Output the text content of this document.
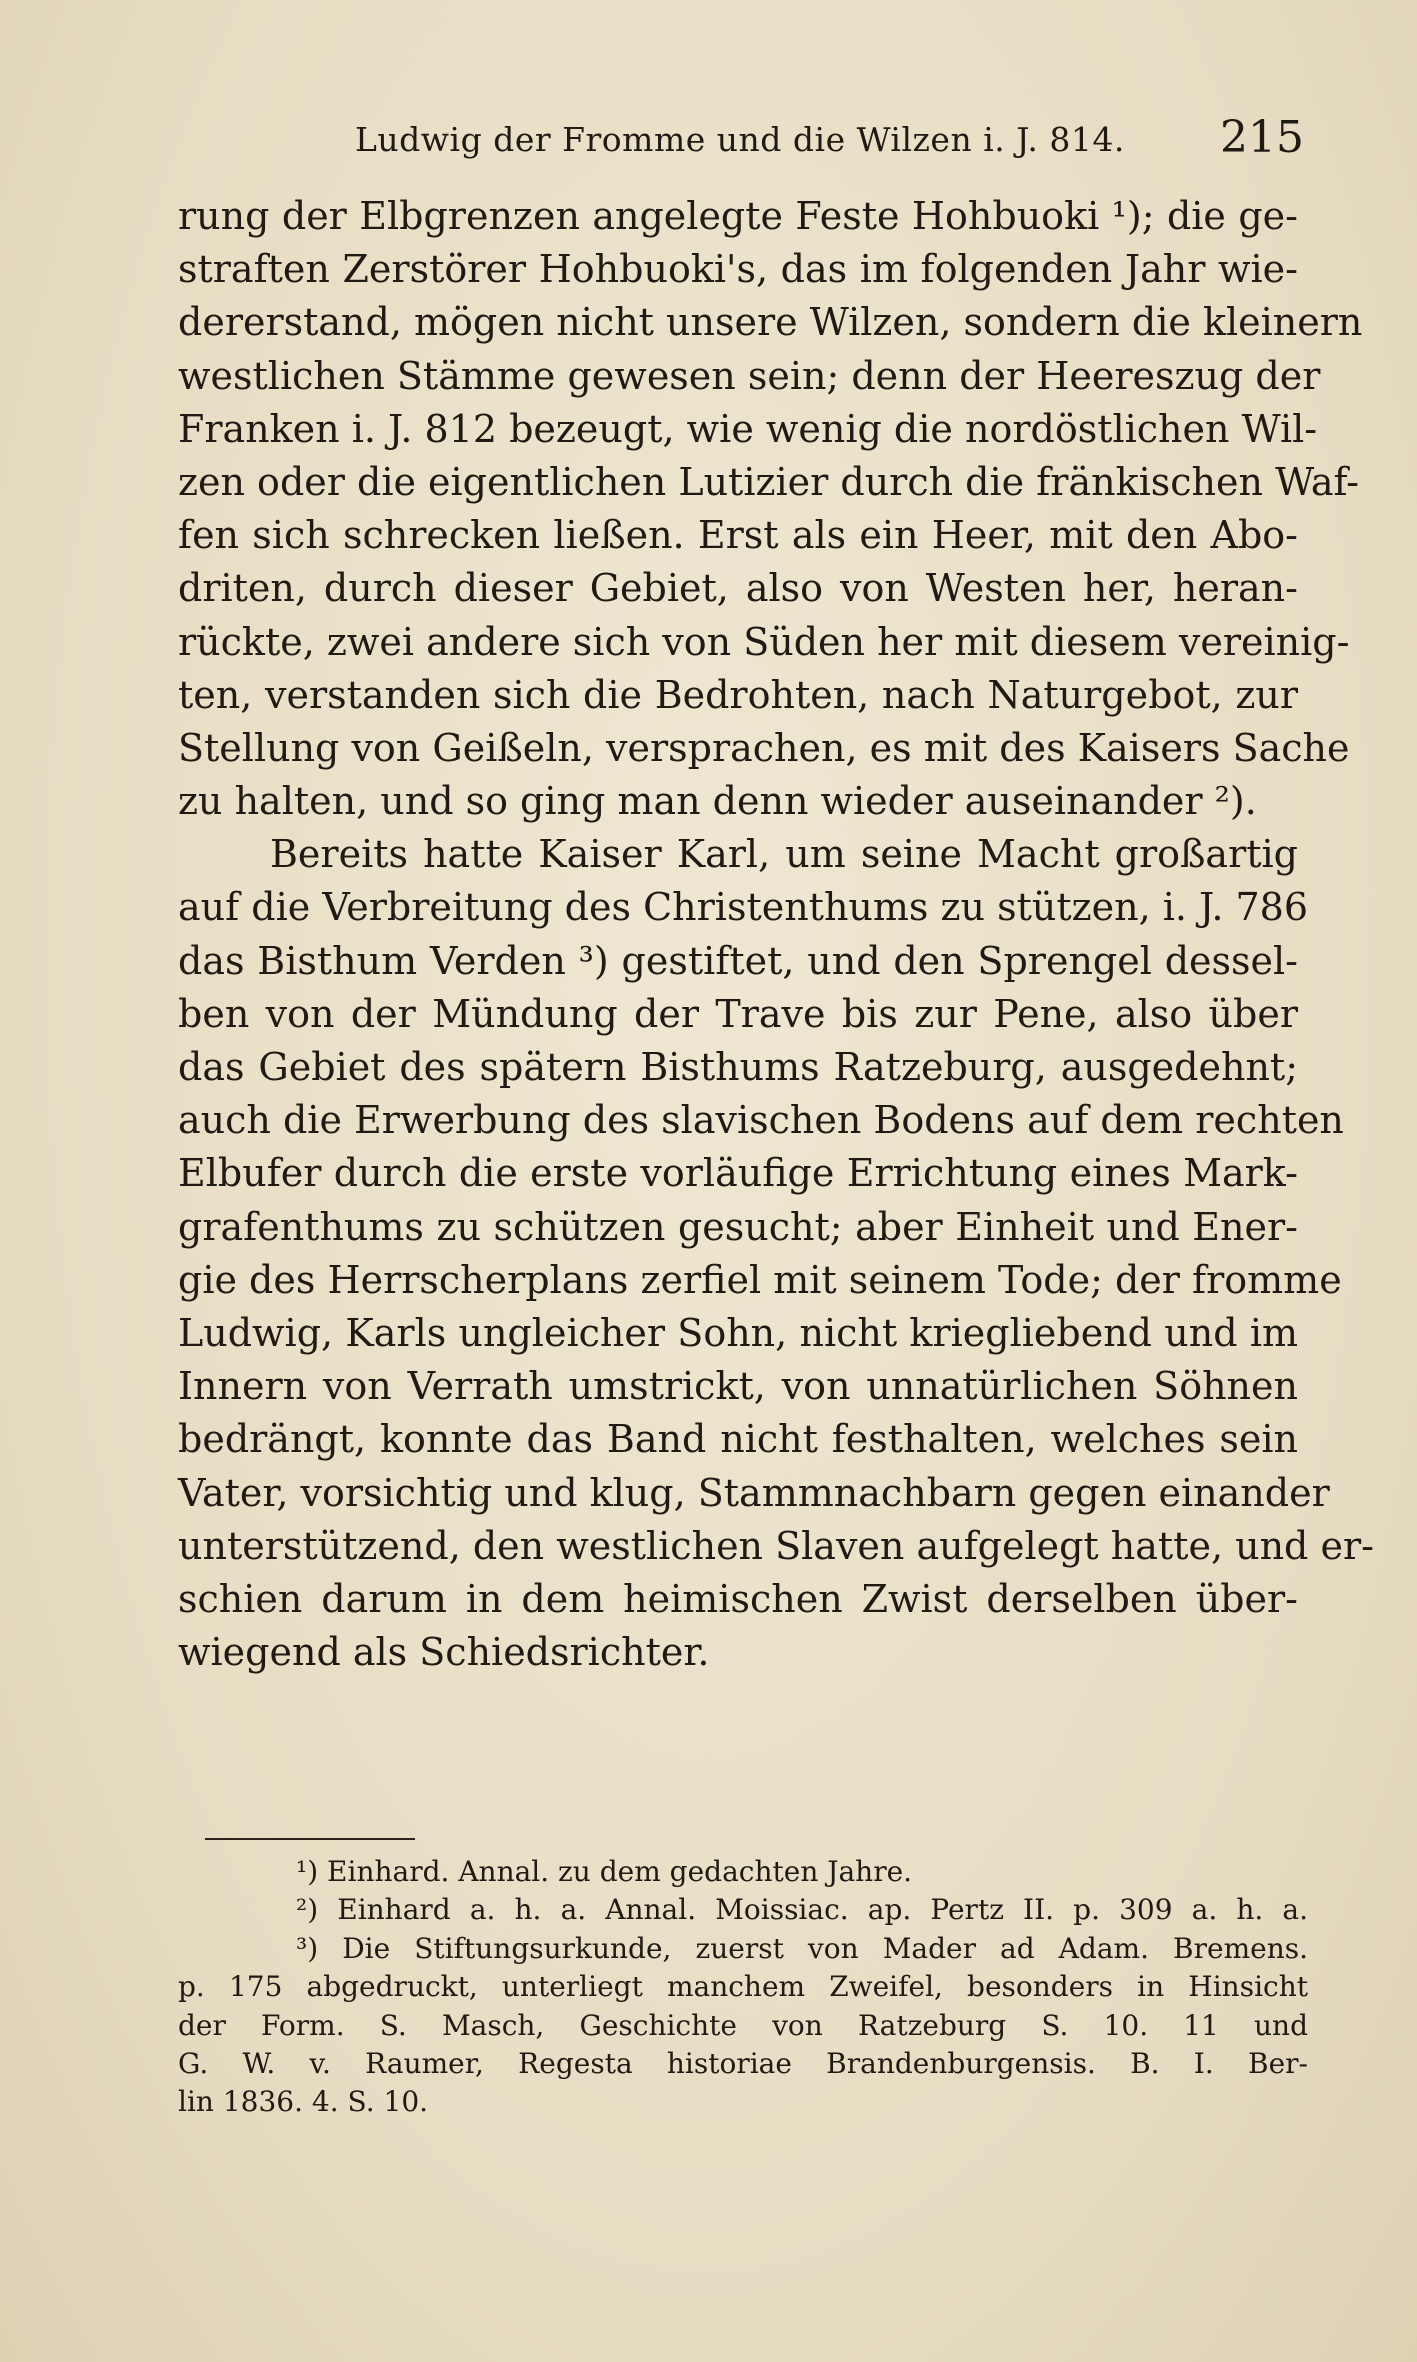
Ludwig der Fromme und die Wilzen i. J. 814.	215
rung der Elbgrenzen angelegte Feste Hohbuoki ¹); die ge-
straften Zerstörer Hohbuoki's, das im folgenden Jahr wie-
dererstand, mögen nicht unsere Wilzen, sondern die kleinern
westlichen Stämme gewesen sein; denn der Heereszug der
Franken i. J. 812 bezeugt, wie wenig die nordöstlichen Wil-
zen oder die eigentlichen Lutizier durch die fränkischen Waf-
fen sich schrecken ließen. Erst als ein Heer, mit den Abo-
driten, durch dieser Gebiet, also von Westen her, heran-
rückte, zwei andere sich von Süden her mit diesem vereinig-
ten, verstanden sich die Bedrohten, nach Naturgebot, zur
Stellung von Geißeln, versprachen, es mit des Kaisers Sache
zu halten, und so ging man denn wieder auseinander ²).
Bereits hatte Kaiser Karl, um seine Macht großartig
auf die Verbreitung des Christenthums zu stützen, i. J. 786
das Bisthum Verden ³) gestiftet, und den Sprengel dessel-
ben von der Mündung der Trave bis zur Pene, also über
das Gebiet des spätern Bisthums Ratzeburg, ausgedehnt;
auch die Erwerbung des slavischen Bodens auf dem rechten
Elbufer durch die erste vorläufige Errichtung eines Mark-
grafenthums zu schützen gesucht; aber Einheit und Ener-
gie des Herrscherplans zerfiel mit seinem Tode; der fromme
Ludwig, Karls ungleicher Sohn, nicht kriegliebend und im
Innern von Verrath umstrickt, von unnatürlichen Söhnen
bedrängt, konnte das Band nicht festhalten, welches sein
Vater, vorsichtig und klug, Stammnachbarn gegen einander
unterstützend, den westlichen Slaven aufgelegt hatte, und er-
schien darum in dem heimischen Zwist derselben über-
wiegend als Schiedsrichter.
¹) Einhard. Annal. zu dem gedachten Jahre.
²) Einhard a. h. a. Annal. Moissiac. ap. Pertz II. p. 309 a. h. a.
³) Die Stiftungsurkunde, zuerst von Mader ad Adam. Bremens.
p. 175 abgedruckt, unterliegt manchem Zweifel, besonders in Hinsicht
der Form. S. Masch, Geschichte von Ratzeburg S. 10. 11 und
G. W. v. Raumer, Regesta historiae Brandenburgensis. B. I. Ber-
lin 1836. 4. S. 10.
